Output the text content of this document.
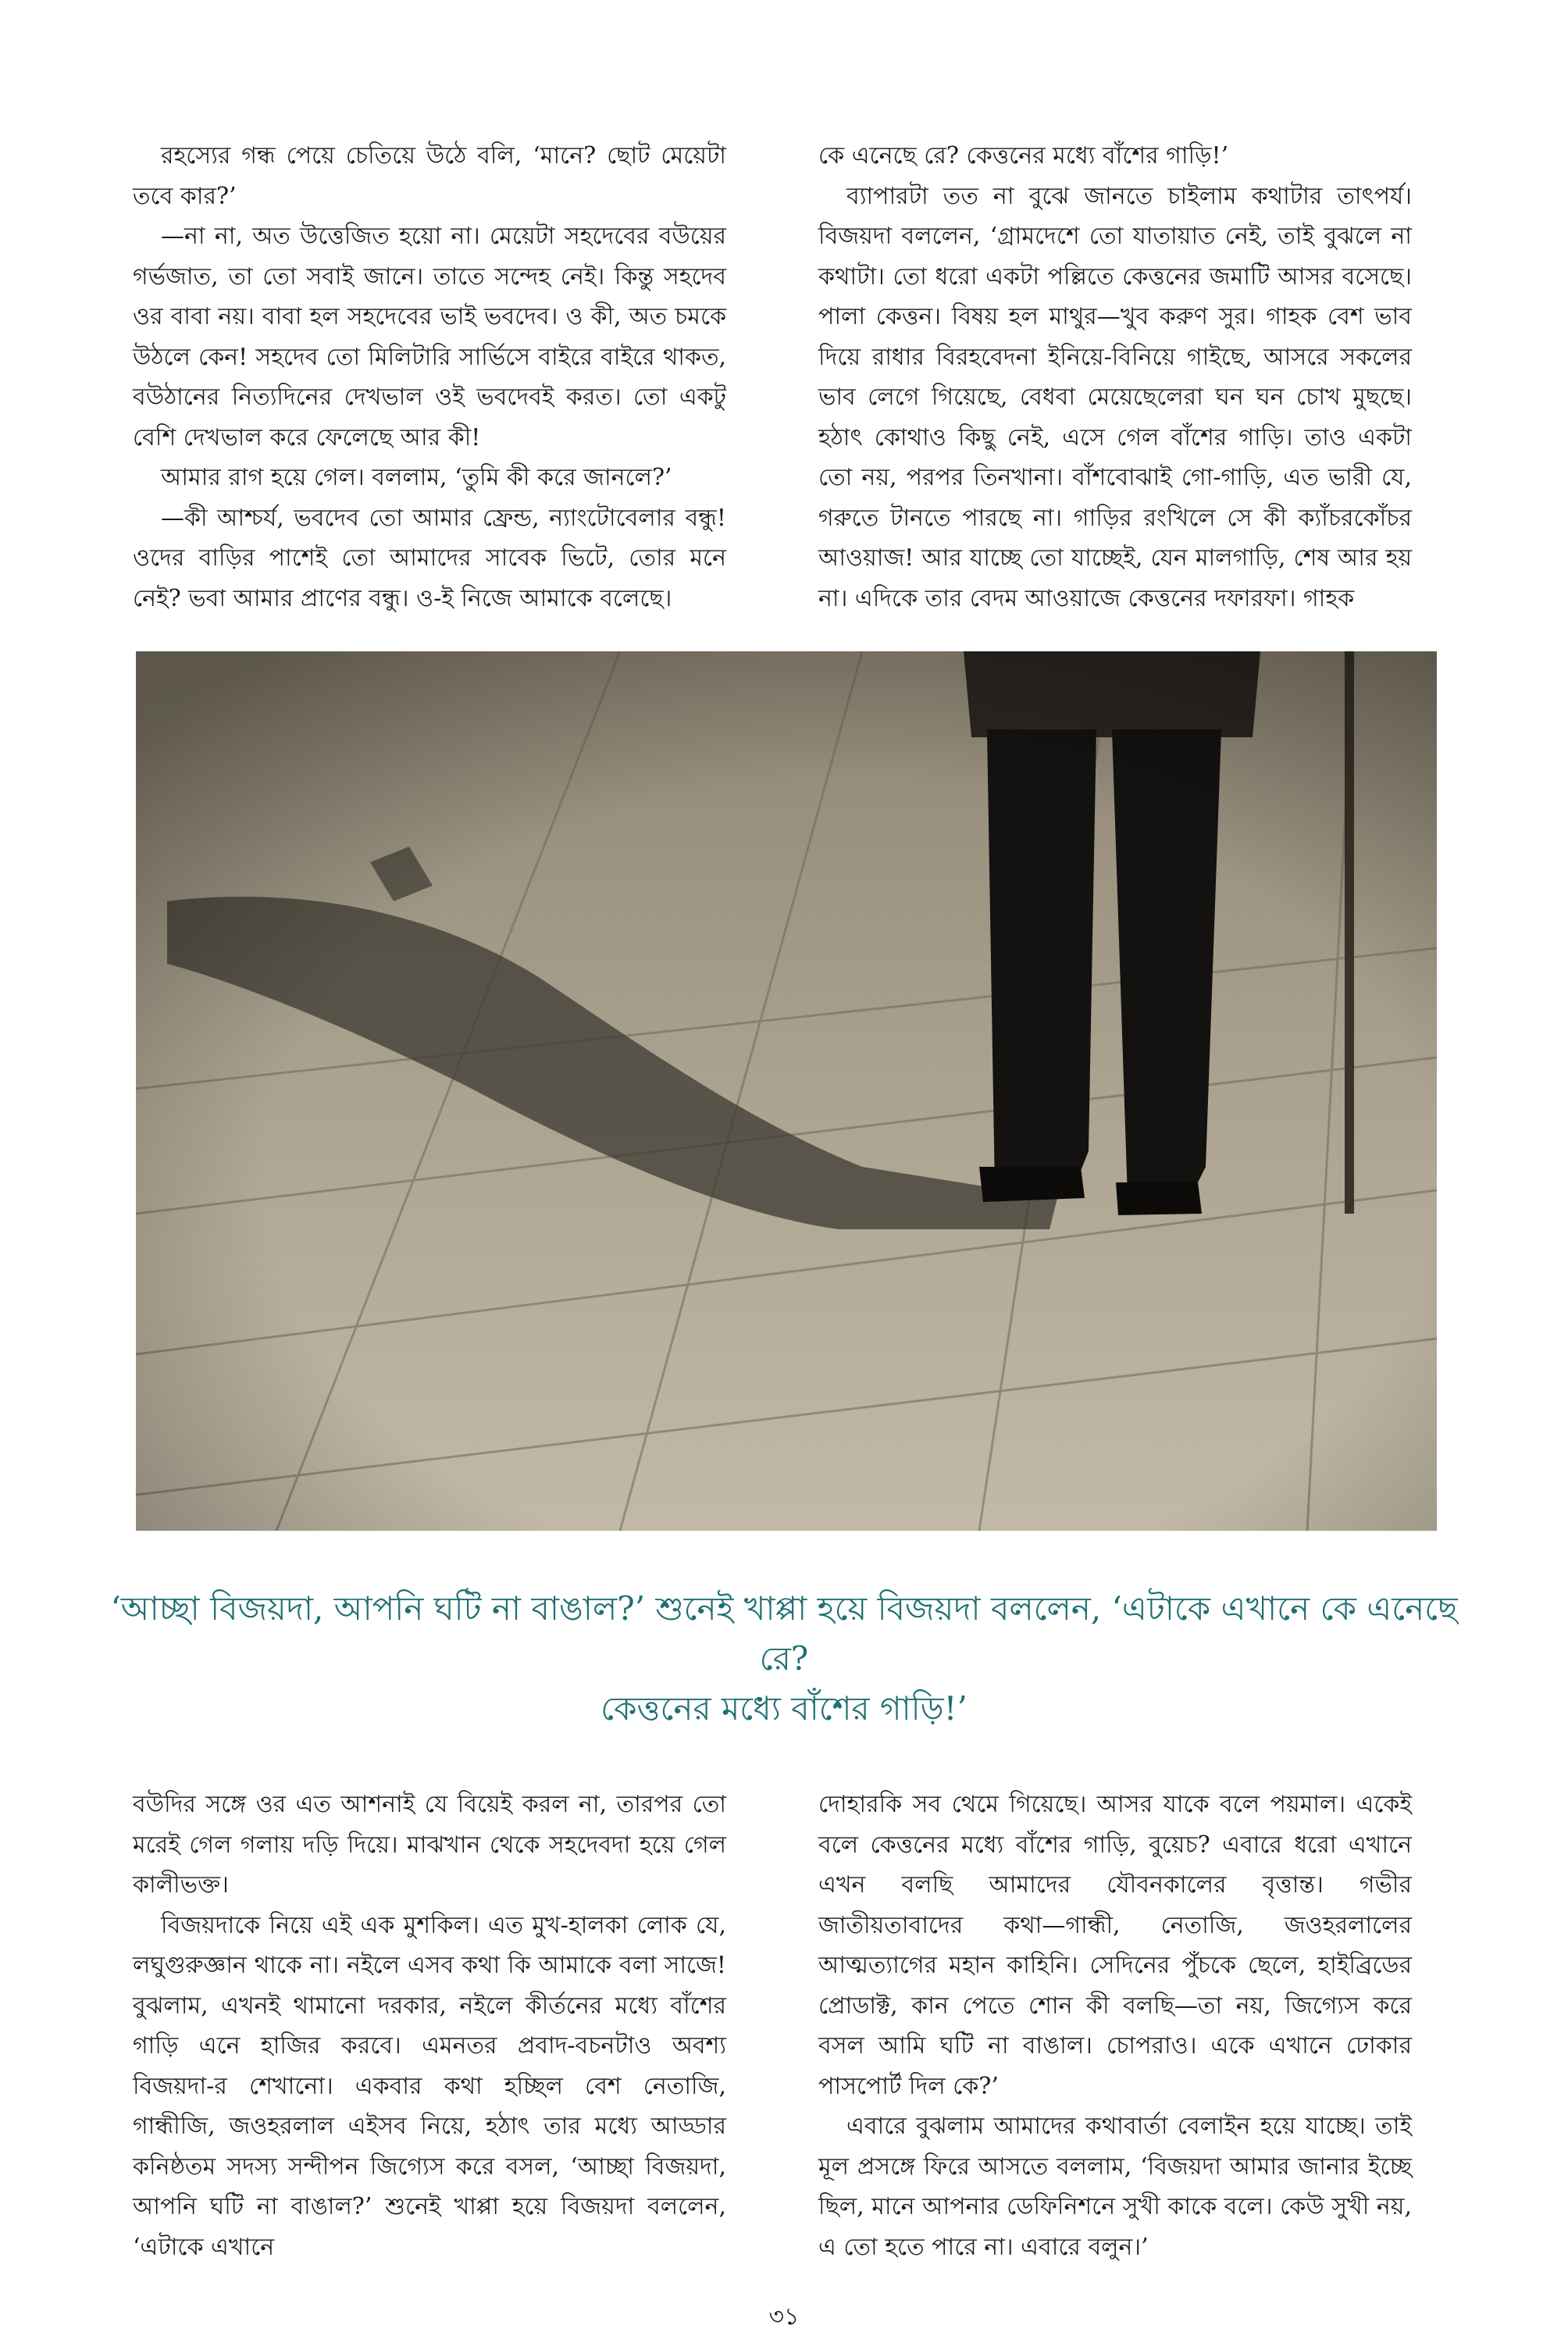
রহস্যের গন্ধ পেয়ে চেতিয়ে উঠে বলি, ‘মানে? ছোট মেয়েটা তবে কার?’

—না না, অত উত্তেজিত হয়ো না। মেয়েটা সহদেবের বউয়ের গর্ভজাত, তা তো সবাই জানে। তাতে সন্দেহ নেই। কিন্তু সহদেব ওর বাবা নয়। বাবা হল সহদেবের ভাই ভবদেব। ও কী, অত চমকে উঠলে কেন! সহদেব তো মিলিটারি সার্ভিসে বাইরে বাইরে থাকত, বউঠানের নিত্যদিনের দেখভাল ওই ভবদেবই করত। তো একটু বেশি দেখভাল করে ফেলেছে আর কী!

আমার রাগ হয়ে গেল। বললাম, ‘তুমি কী করে জানলে?’

—কী আশ্চর্য, ভবদেব তো আমার ফ্রেন্ড, ন্যাংটোবেলার বন্ধু! ওদের বাড়ির পাশেই তো আমাদের সাবেক ভিটে, তোর মনে নেই? ভবা আমার প্রাণের বন্ধু। ও-ই নিজে আমাকে বলেছে।

কে এনেছে রে? কেত্তনের মধ্যে বাঁশের গাড়ি!’

ব্যাপারটা তত না বুঝে জানতে চাইলাম কথাটার তাৎপর্য। বিজয়দা বললেন, ‘গ্রামদেশে তো যাতায়াত নেই, তাই বুঝলে না কথাটা। তো ধরো একটা পল্লিতে কেত্তনের জমাটি আসর বসেছে। পালা কেত্তন। বিষয় হল মাথুর—খুব করুণ সুর। গাহক বেশ ভাব দিয়ে রাধার বিরহবেদনা ইনিয়ে-বিনিয়ে গাইছে, আসরে সকলের ভাব লেগে গিয়েছে, বেধবা মেয়েছেলেরা ঘন ঘন চোখ মুছছে। হঠাৎ কোথাও কিছু নেই, এসে গেল বাঁশের গাড়ি। তাও একটা তো নয়, পরপর তিনখানা। বাঁশবোঝাই গো-গাড়ি, এত ভারী যে, গরুতে টানতে পারছে না। গাড়ির রংখিলে সে কী ক্যাঁচরকোঁচর আওয়াজ! আর যাচ্ছে তো যাচ্ছেই, যেন মালগাড়ি, শেষ আর হয় না। এদিকে তার বেদম আওয়াজে কেত্তনের দফারফা। গাহক

‘আচ্ছা বিজয়দা, আপনি ঘটি না বাঙাল?’ শুনেই খাপ্পা হয়ে বিজয়দা বললেন, ‘এটাকে এখানে কে এনেছে রে?
কেত্তনের মধ্যে বাঁশের গাড়ি!’

বউদির সঙ্গে ওর এত আশনাই যে বিয়েই করল না, তারপর তো মরেই গেল গলায় দড়ি দিয়ে। মাঝখান থেকে সহদেবদা হয়ে গেল কালীভক্ত।

বিজয়দাকে নিয়ে এই এক মুশকিল। এত মুখ-হালকা লোক যে, লঘুগুরুজ্ঞান থাকে না। নইলে এসব কথা কি আমাকে বলা সাজে! বুঝলাম, এখনই থামানো দরকার, নইলে কীর্তনের মধ্যে বাঁশের গাড়ি এনে হাজির করবে। এমনতর প্রবাদ-বচনটাও অবশ্য বিজয়দা-র শেখানো। একবার কথা হচ্ছিল বেশ নেতাজি, গান্ধীজি, জওহরলাল এইসব নিয়ে, হঠাৎ তার মধ্যে আড্ডার কনিষ্ঠতম সদস্য সন্দীপন জিগ্যেস করে বসল, ‘আচ্ছা বিজয়দা, আপনি ঘটি না বাঙাল?’ শুনেই খাপ্পা হয়ে বিজয়দা বললেন, ‘এটাকে এখানে

দোহারকি সব থেমে গিয়েছে। আসর যাকে বলে পয়মাল। একেই বলে কেত্তনের মধ্যে বাঁশের গাড়ি, বুয়েচ? এবারে ধরো এখানে এখন বলছি আমাদের যৌবনকালের বৃত্তান্ত। গভীর জাতীয়তাবাদের কথা—গান্ধী, নেতাজি, জওহরলালের আত্মত্যাগের মহান কাহিনি। সেদিনের পুঁচকে ছেলে, হাইব্রিডের প্রোডাক্ট, কান পেতে শোন কী বলছি—তা নয়, জিগ্যেস করে বসল আমি ঘটি না বাঙাল। চোপরাও। একে এখানে ঢোকার পাসপোর্ট দিল কে?’

এবারে বুঝলাম আমাদের কথাবার্তা বেলাইন হয়ে যাচ্ছে। তাই মূল প্রসঙ্গে ফিরে আসতে বললাম, ‘বিজয়দা আমার জানার ইচ্ছে ছিল, মানে আপনার ডেফিনিশনে সুখী কাকে বলে। কেউ সুখী নয়, এ তো হতে পারে না। এবারে বলুন।’

৩১
